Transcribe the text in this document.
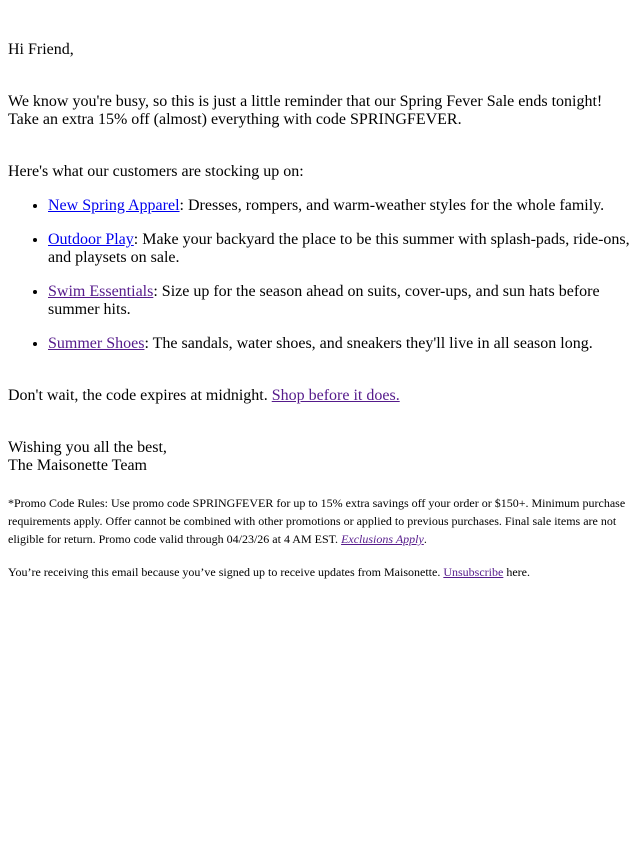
Hi Friend,

We know you're busy, so this is just a little reminder that our Spring Fever Sale ends tonight! Take an extra 15% off (almost) everything with code SPRINGFEVER.

Here's what our customers are stocking up on:

• New Spring Apparel: Dresses, rompers, and warm-weather styles for the whole family.
• Outdoor Play: Make your backyard the place to be this summer with splash-pads, ride-ons, and playsets on sale.
• Swim Essentials: Size up for the season ahead on suits, cover-ups, and sun hats before summer hits.
• Summer Shoes: The sandals, water shoes, and sneakers they'll live in all season long.

Don't wait, the code expires at midnight. Shop before it does.

Wishing you all the best,
The Maisonette Team

*Promo Code Rules: Use promo code SPRINGFEVER for up to 15% extra savings off your order or $150+. Minimum purchase requirements apply. Offer cannot be combined with other promotions or applied to previous purchases. Final sale items are not eligible for return. Promo code valid through 04/23/26 at 4 AM EST. Exclusions Apply.

You’re receiving this email because you’ve signed up to receive updates from Maisonette. Unsubscribe here.
